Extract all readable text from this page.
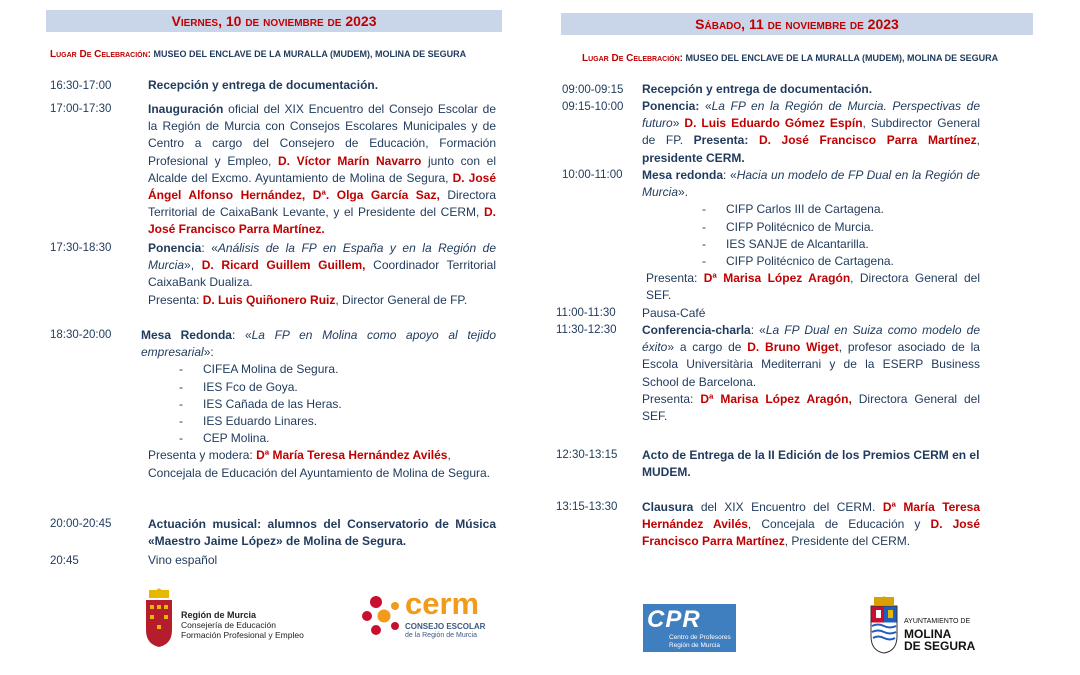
Viernes, 10 de noviembre de 2023
Lugar De Celebración: MUSEO DEL ENCLAVE DE LA MURALLA (MUDEM), MOLINA DE SEGURA
16:30-17:00	Recepción y entrega de documentación.
17:00-17:30	Inauguración oficial del XIX Encuentro del Consejo Escolar de la Región de Murcia con Consejos Escolares Municipales y de Centro a cargo del Consejero de Educación, Formación Profesional y Empleo, D. Víctor Marín Navarro junto con el Alcalde del Excmo. Ayuntamiento de Molina de Segura, D. José Ángel Alfonso Hernández, Dª. Olga García Saz, Directora Territorial de CaixaBank Levante, y el Presidente del CERM, D. José Francisco Parra Martínez.
17:30-18:30	Ponencia: «Análisis de la FP en España y en la Región de Murcia», D. Ricard Guillem Guillem, Coordinador Territorial CaixaBank Dualiza.
Presenta: D. Luis Quiñonero Ruiz, Director General de FP.
18:30-20:00 Mesa Redonda: «La FP en Molina como apoyo al tejido empresarial»:
- CIFEA Molina de Segura.
- IES Fco de Goya.
- IES Cañada de las Heras.
- IES Eduardo Linares.
- CEP Molina.
Presenta y modera: Dª María Teresa Hernández Avilés, Concejala de Educación del Ayuntamiento de Molina de Segura.
20:00-20:45	Actuación musical: alumnos del Conservatorio de Música «Maestro Jaime López» de Molina de Segura.
20:45	Vino español
Sábado, 11 de noviembre de 2023
Lugar De Celebración: MUSEO DEL ENCLAVE DE LA MURALLA (MUDEM), MOLINA DE SEGURA
09:00-09:15 Recepción y entrega de documentación.
09:15-10:00 Ponencia: «La FP en la Región de Murcia. Perspectivas de futuro» D. Luis Eduardo Gómez Espín, Subdirector General de FP. Presenta: D. José Francisco Parra Martínez, presidente CERM.
10:00-11:00 Mesa redonda: «Hacia un modelo de FP Dual en la Región de Murcia».
- CIFP Carlos III de Cartagena.
- CIFP Politécnico de Murcia.
- IES SANJE de Alcantarilla.
- CIFP Politécnico de Cartagena.
Presenta: Dª Marisa López Aragón, Directora General del SEF.
11:00-11:30 Pausa-Café
11:30-12:30 Conferencia-charla: «La FP Dual en Suiza como modelo de éxito» a cargo de D. Bruno Wiget, profesor asociado de la Escola Universitària Mediterrani y de la ESERP Business School de Barcelona.
Presenta: Dª Marisa López Aragón, Directora General del SEF.
12:30-13:15 Acto de Entrega de la II Edición de los Premios CERM en el MUDEM.
13:15-13:30 Clausura del XIX Encuentro del CERM. Dª María Teresa Hernández Avilés, Concejala de Educación y D. José Francisco Parra Martínez, Presidente del CERM.
Región de Murcia
Consejería de Educación
Formación Profesional y Empleo
cerm
CONSEJO ESCOLAR
de la Región de Murcia
CPR
Centro de Profesores
Región de Murcia
AYUNTAMIENTO DE
MOLINA
DE SEGURA
